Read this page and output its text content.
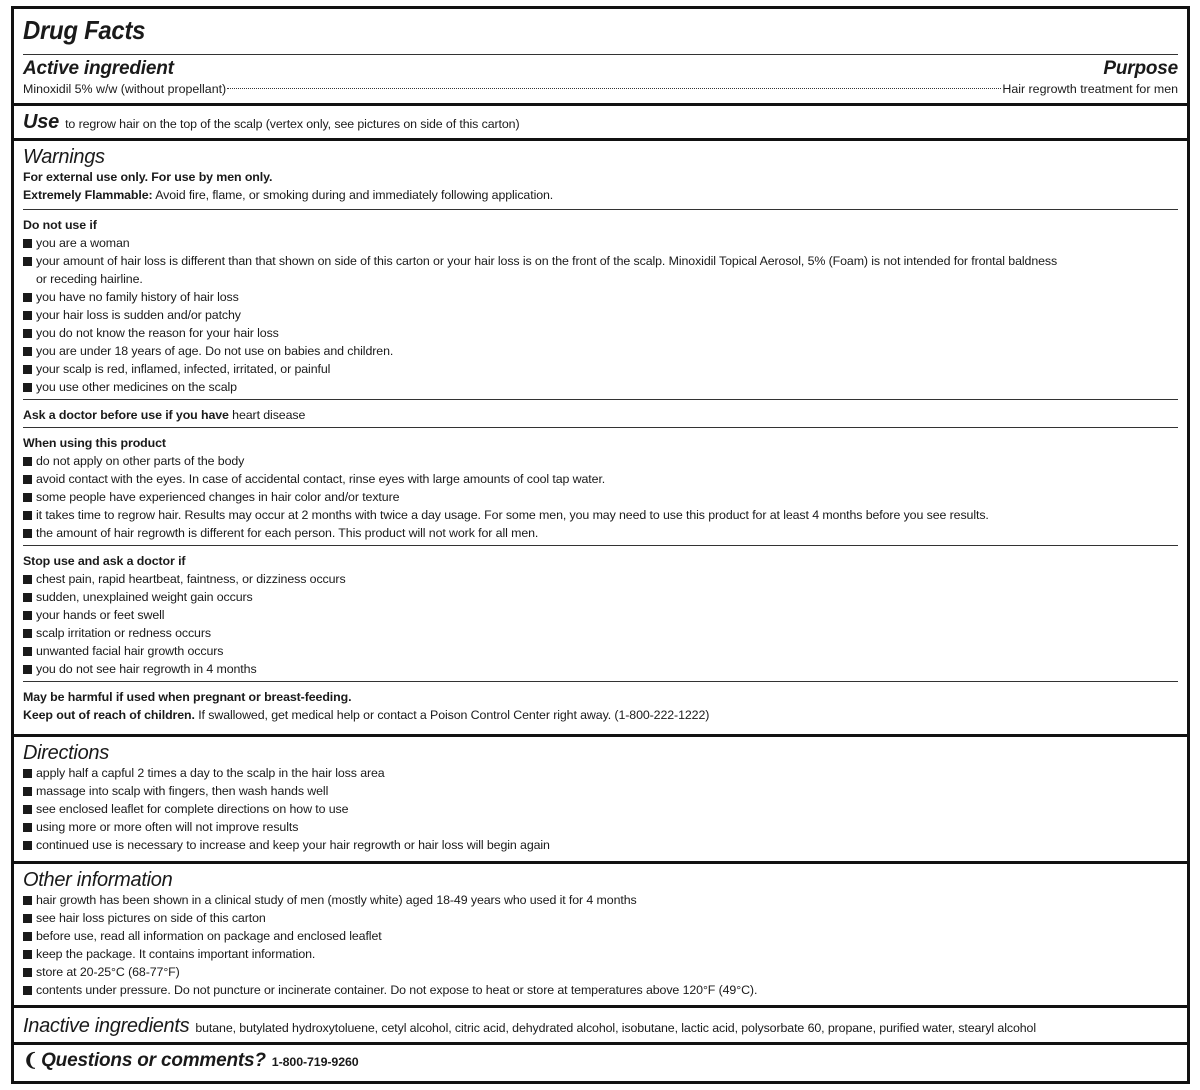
Drug Facts
Active ingredient	Purpose
Minoxidil 5% w/w (without propellant)	Hair regrowth treatment for men
Use to regrow hair on the top of the scalp (vertex only, see pictures on side of this carton)
Warnings
For external use only. For use by men only.
Extremely Flammable: Avoid fire, flame, or smoking during and immediately following application.
Do not use if
you are a woman
your amount of hair loss is different than that shown on side of this carton or your hair loss is on the front of the scalp. Minoxidil Topical Aerosol, 5% (Foam) is not intended for frontal baldness
or receding hairline.
you have no family history of hair loss
your hair loss is sudden and/or patchy
you do not know the reason for your hair loss
you are under 18 years of age. Do not use on babies and children.
your scalp is red, inflamed, infected, irritated, or painful
you use other medicines on the scalp
Ask a doctor before use if you have heart disease
When using this product
do not apply on other parts of the body
avoid contact with the eyes. In case of accidental contact, rinse eyes with large amounts of cool tap water.
some people have experienced changes in hair color and/or texture
it takes time to regrow hair. Results may occur at 2 months with twice a day usage. For some men, you may need to use this product for at least 4 months before you see results.
the amount of hair regrowth is different for each person. This product will not work for all men.
Stop use and ask a doctor if
chest pain, rapid heartbeat, faintness, or dizziness occurs
sudden, unexplained weight gain occurs
your hands or feet swell
scalp irritation or redness occurs
unwanted facial hair growth occurs
you do not see hair regrowth in 4 months
May be harmful if used when pregnant or breast-feeding.
Keep out of reach of children. If swallowed, get medical help or contact a Poison Control Center right away. (1-800-222-1222)
Directions
apply half a capful 2 times a day to the scalp in the hair loss area
massage into scalp with fingers, then wash hands well
see enclosed leaflet for complete directions on how to use
using more or more often will not improve results
continued use is necessary to increase and keep your hair regrowth or hair loss will begin again
Other information
hair growth has been shown in a clinical study of men (mostly white) aged 18-49 years who used it for 4 months
see hair loss pictures on side of this carton
before use, read all information on package and enclosed leaflet
keep the package. It contains important information.
store at 20-25°C (68-77°F)
contents under pressure. Do not puncture or incinerate container. Do not expose to heat or store at temperatures above 120°F (49°C).
Inactive ingredients butane, butylated hydroxytoluene, cetyl alcohol, citric acid, dehydrated alcohol, isobutane, lactic acid, polysorbate 60, propane, purified water, stearyl alcohol
❨ Questions or comments? 1-800-719-9260
